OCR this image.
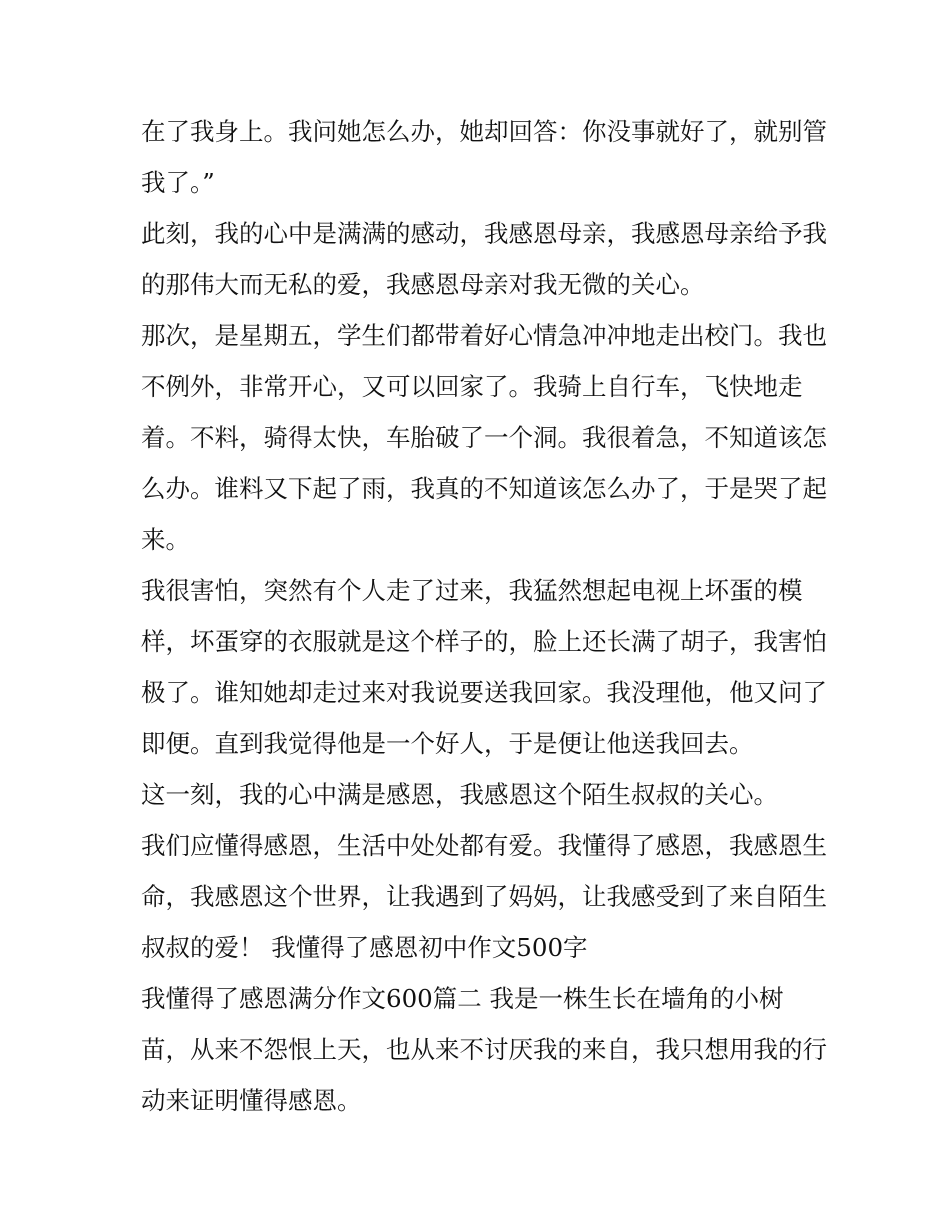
在了我身上。我问她怎么办，她却回答：你没事就好了，就别管我了。”

此刻，我的心中是满满的感动，我感恩母亲，我感恩母亲给予我的那伟大而无私的爱，我感恩母亲对我无微的关心。

那次，是星期五，学生们都带着好心情急冲冲地走出校门。我也不例外，非常开心，又可以回家了。我骑上自行车，飞快地走着。不料，骑得太快，车胎破了一个洞。我很着急，不知道该怎么办。谁料又下起了雨，我真的不知道该怎么办了，于是哭了起来。

我很害怕，突然有个人走了过来，我猛然想起电视上坏蛋的模样，坏蛋穿的衣服就是这个样子的，脸上还长满了胡子，我害怕极了。谁知她却走过来对我说要送我回家。我没理他，他又问了即便。直到我觉得他是一个好人，于是便让他送我回去。

这一刻，我的心中满是感恩，我感恩这个陌生叔叔的关心。

我们应懂得感恩，生活中处处都有爱。我懂得了感恩，我感恩生命，我感恩这个世界，让我遇到了妈妈，让我感受到了来自陌生叔叔的爱！ 我懂得了感恩初中作文500字

我懂得了感恩满分作文600篇二 我是一株生长在墙角的小树苗，从来不怨恨上天，也从来不讨厌我的来自，我只想用我的行动来证明懂得感恩。
